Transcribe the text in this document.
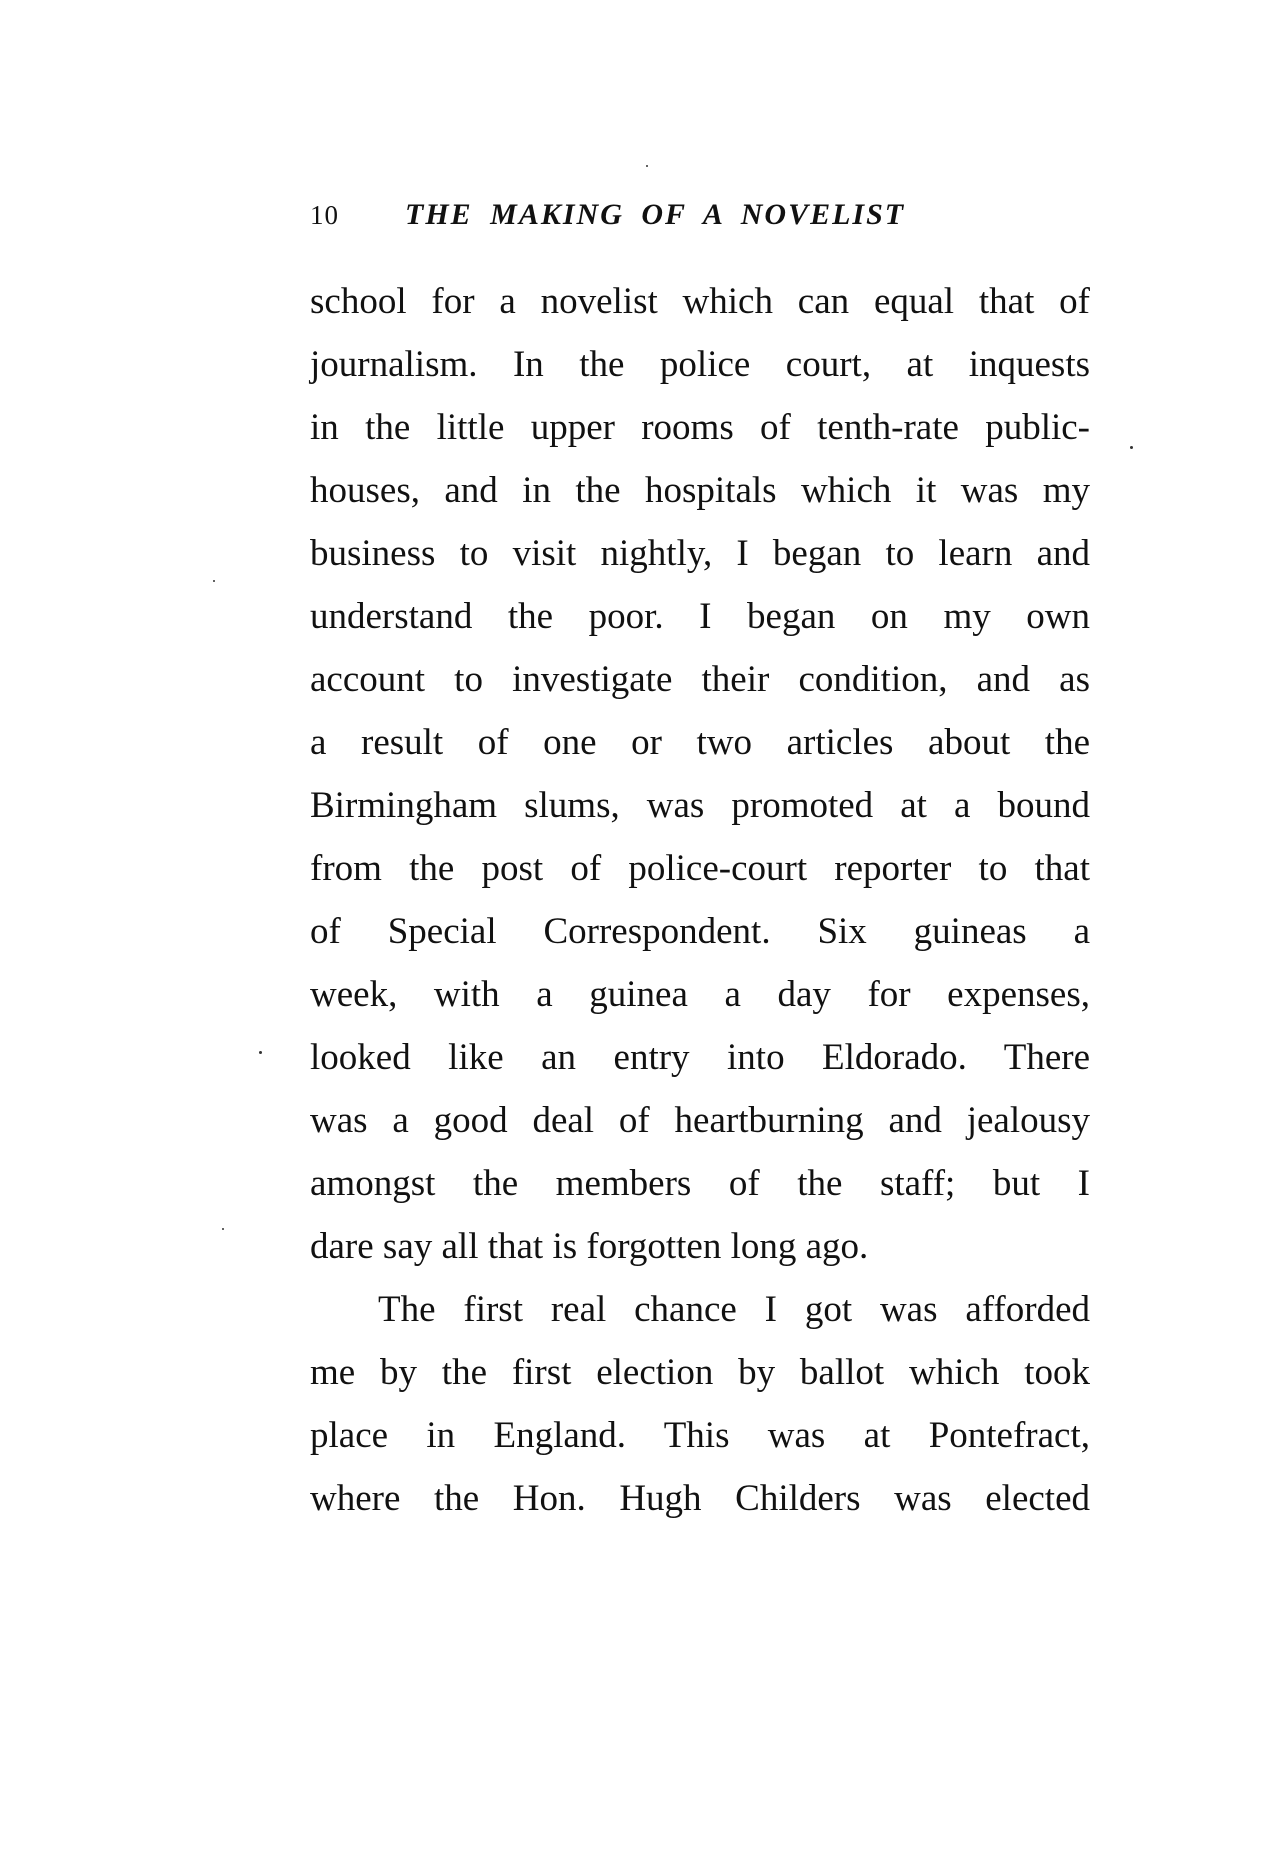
10 THE MAKING OF A NOVELIST
school for a novelist which can equal that of
journalism. In the police court, at inquests
in the little upper rooms of tenth-rate public-
houses, and in the hospitals which it was my
business to visit nightly, I began to learn and
understand the poor. I began on my own
account to investigate their condition, and as
a result of one or two articles about the
Birmingham slums, was promoted at a bound
from the post of police-court reporter to that
of Special Correspondent. Six guineas a
week, with a guinea a day for expenses,
looked like an entry into Eldorado. There
was a good deal of heartburning and jealousy
amongst the members of the staff; but I
dare say all that is forgotten long ago.
The first real chance I got was afforded
me by the first election by ballot which took
place in England. This was at Pontefract,
where the Hon. Hugh Childers was elected
